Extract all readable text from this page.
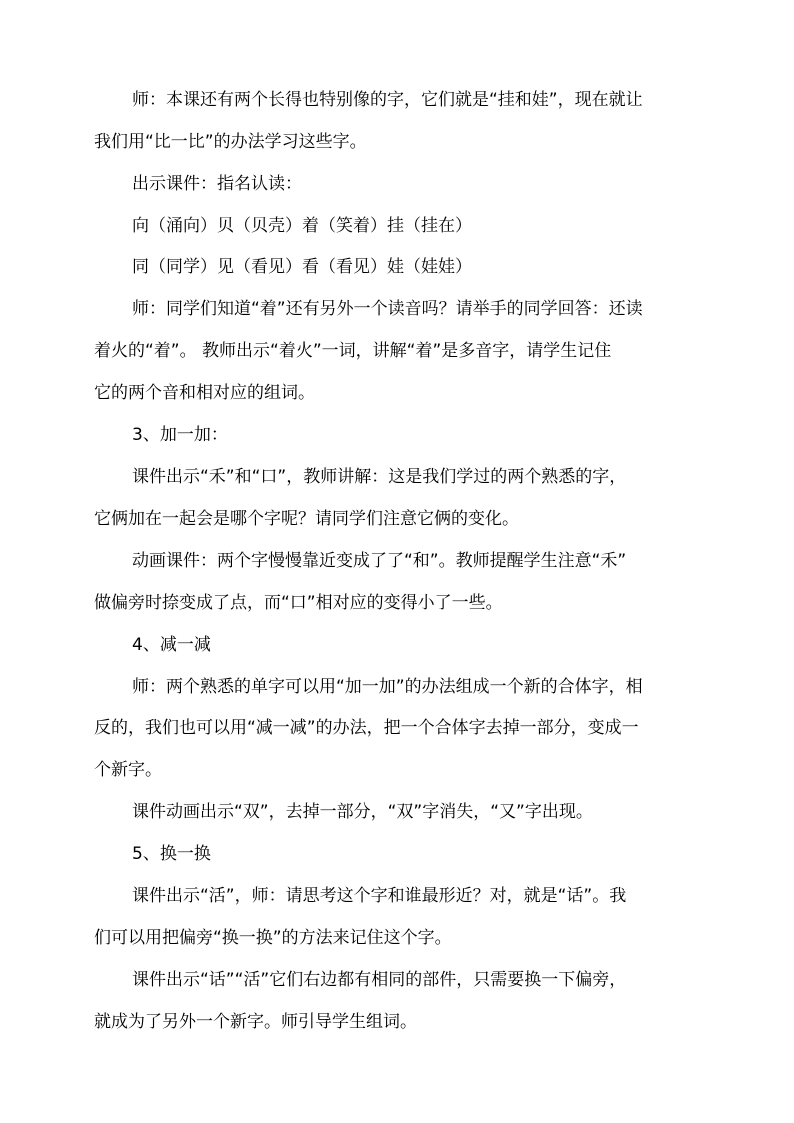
师：本课还有两个长得也特别像的字，它们就是“挂和娃”，现在就让
我们用“比一比”的办法学习这些字。
出示课件：指名认读：
向（涌向）贝（贝壳）着（笑着）挂（挂在）
同（同学）见（看见）看（看见）娃（娃娃）
师：同学们知道“着”还有另外一个读音吗？请举手的同学回答：还读
着火的“着”。 教师出示“着火”一词，讲解“着”是多音字，请学生记住
它的两个音和相对应的组词。
3、加一加：
课件出示“禾”和“口”，教师讲解：这是我们学过的两个熟悉的字，
它俩加在一起会是哪个字呢？请同学们注意它俩的变化。
动画课件：两个字慢慢靠近变成了了“和”。教师提醒学生注意“禾”
做偏旁时捺变成了点，而“口”相对应的变得小了一些。
4、减一减
师：两个熟悉的单字可以用“加一加”的办法组成一个新的合体字，相
反的，我们也可以用“减一减”的办法，把一个合体字去掉一部分，变成一
个新字。
课件动画出示“双”，去掉一部分，“双”字消失，“又”字出现。
5、换一换
课件出示“活”，师：请思考这个字和谁最形近？对，就是“话”。我
们可以用把偏旁“换一换”的方法来记住这个字。
课件出示“话”“活”它们右边都有相同的部件，只需要换一下偏旁，
就成为了另外一个新字。师引导学生组词。
